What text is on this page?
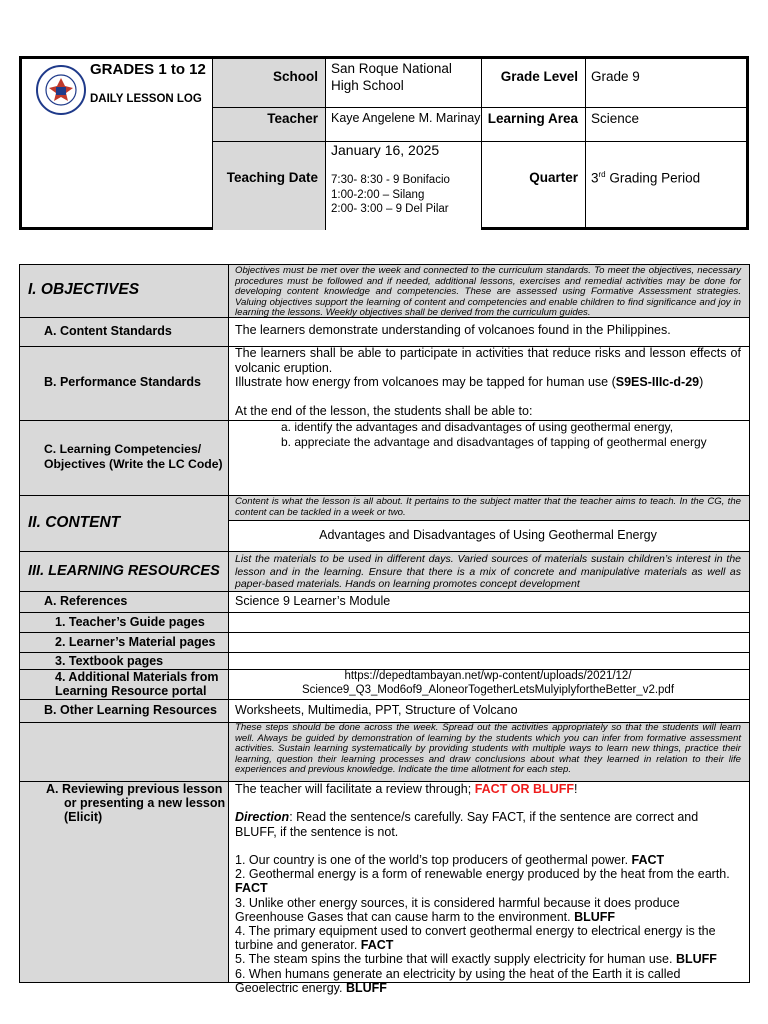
GRADES 1 to 12
DAILY LESSON LOG
School
Teacher
Teaching Date
Grade Level
Learning Area
Quarter
San Roque National High School
Kaye Angelene M. Marinay
January 16, 2025
7:30- 8:30 - 9 Bonifacio
1:00-2:00 – Silang
2:00- 3:00 – 9 Del Pilar
Grade 9
Science
3rd Grading Period
I. OBJECTIVES
Objectives must be met over the week and connected to the curriculum standards. To meet the objectives, necessary procedures must be followed and if needed, additional lessons, exercises and remedial activities may be done for developing content knowledge and competencies. These are assessed using Formative Assessment strategies. Valuing objectives support the learning of content and competencies and enable children to find significance and joy in learning the lessons. Weekly objectives shall be derived from the curriculum guides.
A. Content Standards	The learners demonstrate understanding of volcanoes found in the Philippines.
B. Performance Standards
The learners shall be able to participate in activities that reduce risks and lesson effects of volcanic eruption.
Illustrate how energy from volcanoes may be tapped for human use (S9ES-IIIc-d-29)
C. Learning Competencies/
Objectives (Write the LC Code)
At the end of the lesson, the students shall be able to:
a. identify the advantages and disadvantages of using geothermal energy,
b. appreciate the advantage and disadvantages of tapping of geothermal energy
II. CONTENT
Content is what the lesson is all about. It pertains to the subject matter that the teacher aims to teach. In the CG, the content can be tackled in a week or two.
Advantages and Disadvantages of Using Geothermal Energy
III. LEARNING RESOURCES
List the materials to be used in different days. Varied sources of materials sustain children’s interest in the lesson and in the learning. Ensure that there is a mix of concrete and manipulative materials as well as paper-based materials. Hands on learning promotes concept development
A. References	Science 9 Learner’s Module
1. Teacher’s Guide pages
2. Learner’s Material pages
3. Textbook pages
4. Additional Materials from
Learning Resource portal
https://depedtambayan.net/wp-content/uploads/2021/12/
Science9_Q3_Mod6of9_AloneorTogetherLetsMulyiplyfortheBetter_v2.pdf
B. Other Learning Resources Worksheets, Multimedia, PPT, Structure of Volcano
These steps should be done across the week. Spread out the activities appropriately so that the students will learn well. Always be guided by demonstration of learning by the students which you can infer from formative assessment activities. Sustain learning systematically by providing students with multiple ways to learn new things, practice their learning, question their learning processes and draw conclusions about what they learned in relation to their life experiences and previous knowledge. Indicate the time allotment for each step.
A. Reviewing previous lesson
or presenting a new lesson
(Elicit)
The teacher will facilitate a review through; FACT OR BLUFF!
Direction: Read the sentence/s carefully. Say FACT, if the sentence are correct and BLUFF, if the sentence is not.
1. Our country is one of the world’s top producers of geothermal power. FACT
2. Geothermal energy is a form of renewable energy produced by the heat from the earth. FACT
3. Unlike other energy sources, it is considered harmful because it does produce Greenhouse Gases that can cause harm to the environment. BLUFF
4. The primary equipment used to convert geothermal energy to electrical energy is the turbine and generator. FACT
5. The steam spins the turbine that will exactly supply electricity for human use. BLUFF
6. When humans generate an electricity by using the heat of the Earth it is called Geoelectric energy. BLUFF
